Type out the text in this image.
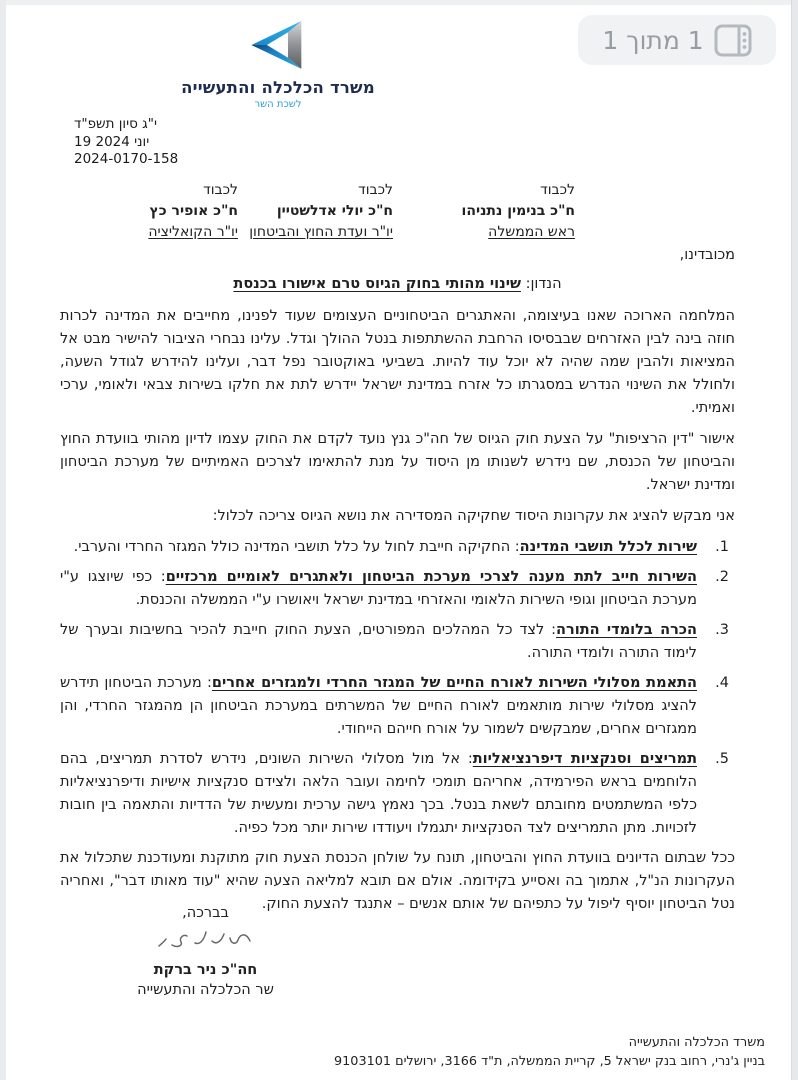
1 מתוך 1
משרד הכלכלה והתעשייה
לשכת השר
י"ג סיון תשפ"ד
19 יוני 2024
2024-0170-158
לכבוד
ח"כ בנימין נתניהו
ראש הממשלה
לכבוד
ח"כ יולי אדלשטיין
יו"ר ועדת החוץ והביטחון
לכבוד
ח"כ אופיר כץ
יו"ר הקואליציה
מכובדינו,
הנדון: שינוי מהותי בחוק הגיוס טרם אישורו בכנסת

המלחמה הארוכה שאנו בעיצומה, והאתגרים הביטחוניים העצומים שעוד לפנינו, מחייבים את המדינה לכרות חוזה בינה לבין האזרחים שבבסיסו הרחבת ההשתתפות בנטל ההולך וגדל. עלינו נבחרי הציבור להישיר מבט אל המציאות ולהבין שמה שהיה לא יוכל עוד להיות. בשביעי באוקטובר נפל דבר, ועלינו להידרש לגודל השעה, ולחולל את השינוי הנדרש במסגרתו כל אזרח במדינת ישראל יידרש לתת את חלקו בשירות צבאי ולאומי, ערכי ואמיתי.

אישור "דין הרציפות" על הצעת חוק הגיוס של חה"כ גנץ נועד לקדם את החוק עצמו לדיון מהותי בוועדת החוץ והביטחון של הכנסת, שם נידרש לשנותו מן היסוד על מנת להתאימו לצרכים האמיתיים של מערכת הביטחון ומדינת ישראל.

אני מבקש להציג את עקרונות היסוד שחקיקה המסדירה את נושא הגיוס צריכה לכלול:

1.
שירות לכלל תושבי המדינה: החקיקה חייבת לחול על כלל תושבי המדינה כולל המגזר החרדי והערבי.
2.
השירות חייב לתת מענה לצרכי מערכת הביטחון ולאתגרים לאומיים מרכזיים: כפי שיוצגו ע"י מערכת הביטחון וגופי השירות הלאומי והאזרחי במדינת ישראל ויאושרו ע"י הממשלה והכנסת.
3.
הכרה בלומדי התורה: לצד כל המהלכים המפורטים, הצעת החוק חייבת להכיר בחשיבות ובערך של לימוד התורה ולומדי התורה.
4.
התאמת מסלולי השירות לאורח החיים של המגזר החרדי ולמגזרים אחרים: מערכת הביטחון תידרש להציג מסלולי שירות מותאמים לאורח החיים של המשרתים במערכת הביטחון הן מהמגזר החרדי, והן ממגזרים אחרים, שמבקשים לשמור על אורח חייהם הייחודי.
5.
תמריצים וסנקציות דיפרנציאליות: אל מול מסלולי השירות השונים, נידרש לסדרת תמריצים, בהם הלוחמים בראש הפירמידה, אחריהם תומכי לחימה ועובר הלאה ולצידם סנקציות אישיות ודיפרנציאליות כלפי המשתמטים מחובתם לשאת בנטל. בכך נאמץ גישה ערכית ומעשית של הדדיות והתאמה בין חובות לזכויות. מתן התמריצים לצד הסנקציות יתגמלו ויעודדו שירות יותר מכל כפיה.

ככל שבתום הדיונים בוועדת החוץ והביטחון, תונח על שולחן הכנסת הצעת חוק מתוקנת ומעודכנת שתכלול את העקרונות הנ"ל, אתמוך בה ואסייע בקידומה. אולם אם תובא למליאה הצעה שהיא "עוד מאותו דבר", ואחריה נטל הביטחון יוסיף ליפול על כתפיהם של אותם אנשים – אתנגד להצעת החוק.

בברכה,
חה"כ ניר ברקת
שר הכלכלה והתעשייה
משרד הכלכלה והתעשייה
בניין ג'נרי, רחוב בנק ישראל 5, קריית הממשלה, ת"ד 3166, ירושלים 9103101
